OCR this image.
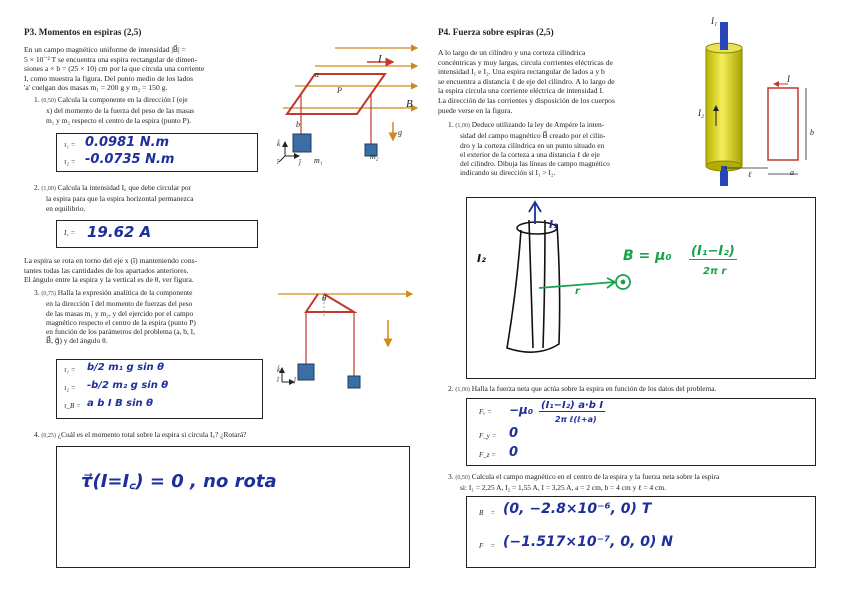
P3. Momentos en espiras (2,5)
En un campo magnético uniforme de intensidad |B⃗| =
5 × 10⁻² T se encuentra una espira rectangular de dimen-
siones a × b = (25 × 10) cm por la que circula una corriente
I, como muestra la figura. Del punto medio de los lados
'a' cuelgan dos masas m₁ = 200 g y m₂ = 150 g.
1. (0,50) Calcula la componente en la dirección î (eje
x) del momento de la fuerza del peso de las masas
m₁ y m₂ respecto el centro de la espira (punto P).
τ₁ = 0.0981 N.m
τ₂ = -0.0735 N.m
2. (1,00) Calcula la intensidad I꜀ que debe circular por
la espira para que la espira horizontal permanezca
en equilibrio.
I꜀ = 19.62 A
La espira se rota en torno del eje x (î) manteniendo cons-
tantes todas las cantidades de los apartados anteriores.
El ángulo entre la espira y la vertical es de θ, ver figura.
3. (0,75) Halla la expresión analítica de la componente
en la dirección î del momento de fuerzas del peso
de las masas m₁ y m₂, y del ejercido por el campo
magnético respecto el centro de la espira (punto P)
en función de los parámetros del problema (a, b, I,
B⃗, g⃗) y del ángulo θ.
τ₁ = b/2 m₁ g sin θ
τ₂ = -b/2 m₂ g sin θ
τ_B = a b I B sin θ
4. (0,25) ¿Cuál es el momento total sobre la espira si circula I꜀? ¿Rotará?
τ⃗(I=I꜀) = 0 , no rota
I
B⃗
P
a
b
m₁	m₂
g⃗
k̂
î	ĵ
θ
k̂
î ĵ
P4. Fuerza sobre espiras (2,5)
A lo largo de un cilindro y una corteza cilíndrica
concéntricas y muy largas, circula corrientes eléctricas de
intensidad I₁ e I₂. Una espira rectangular de lados a y b
se encuentra a distancia ℓ de eje del cilindro. A lo largo de
la espira circula una corriente eléctrica de intensidad I.
La dirección de las corrientes y disposición de los cuerpos
puede verse en la figura.
1. (1,00) Deduce utilizando la ley de Ampère la inten-
sidad del campo magnético B⃗ creado por el cilin-
dro y la corteza cilíndrica en un punto situado en
el exterior de la corteza a una distancia ℓ de eje
del cilindro. Dibuja las líneas de campo magnético
indicando su dirección si I₁ > I₂.
I₁
I₂
I
b
a
ℓ
I₁
I₂
r
B = μ₀ (I₁−I₂)
2π r
2. (1,00) Halla la fuerza neta que actúa sobre la espira en función de los datos del problema.
Fₓ = −μ₀ (I₁−I₂) a·b I
2π ℓ(ℓ+a)
F_y = 0
F_z = 0
3. (0,50) Calcula el campo magnético en el centro de la espira y la fuerza neta sobre la espira
si: I₁ = 2,25 A, I₂ = 1,55 A, I = 3,25 A, a = 2 cm, b = 4 cm y ℓ = 4 cm.
B⃗ = (0, −2.8×10⁻⁶, 0) T
F⃗ = (−1.517×10⁻⁷, 0, 0) N
